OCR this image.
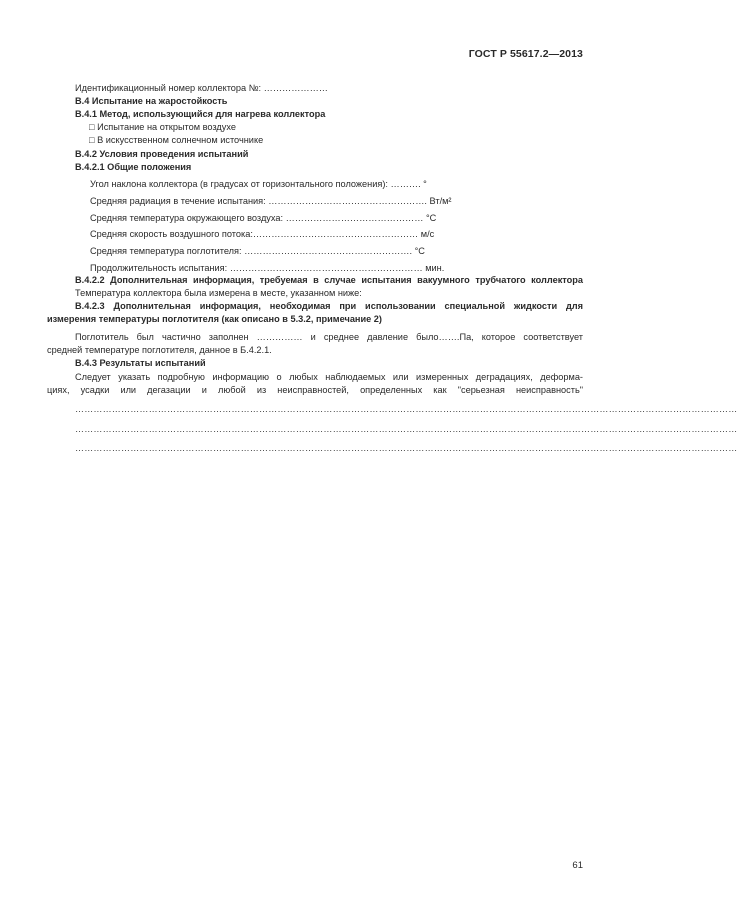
ГОСТ Р 55617.2—2013
Идентификационный номер коллектора №: …………………
В.4 Испытание на жаростойкость
В.4.1 Метод, использующийся для нагрева коллектора
□ Испытание на открытом воздухе
□ В искусственном солнечном источнике
В.4.2 Условия проведения испытаний
В.4.2.1 Общие положения
Угол наклона коллектора (в градусах от горизонтального положения): ………. °
Средняя радиация в течение испытания: ……………………………………………. Вт/м²
Средняя температура окружающего воздуха: ……………………………………… °С
Средняя скорость воздушного потока:……………………………………………… м/с
Средняя температура поглотителя: ………………………………………………. °С
Продолжительность испытания: ……………………………………………………… мин.
В.4.2.2 Дополнительная информация, требуемая в случае испытания вакуумного трубчатого коллектора
Температура коллектора была измерена в месте, указанном ниже:
В.4.2.3 Дополнительная информация, необходимая при использовании специальной жидкости для
измерения температуры поглотителя (как описано в 5.3.2, примечание 2)
Поглотитель был частично заполнен …………… и среднее давление было…….Па, которое соответствует
средней температуре поглотителя, данное в Б.4.2.1.
В.4.3 Результаты испытаний
Следует указать подробную информацию о любых наблюдаемых или измеренных деградациях, деформа-
циях, усадки или дегазации и любой из неисправностей, определенных как "серьезная неисправность"
………………………………………………………………………………………………………………………………………………………………………………………………
………………………………………………………………………………………………………………………………………………………………………………………………
………………………………………………………………………………………………………………………………………………………………………………………………
61
